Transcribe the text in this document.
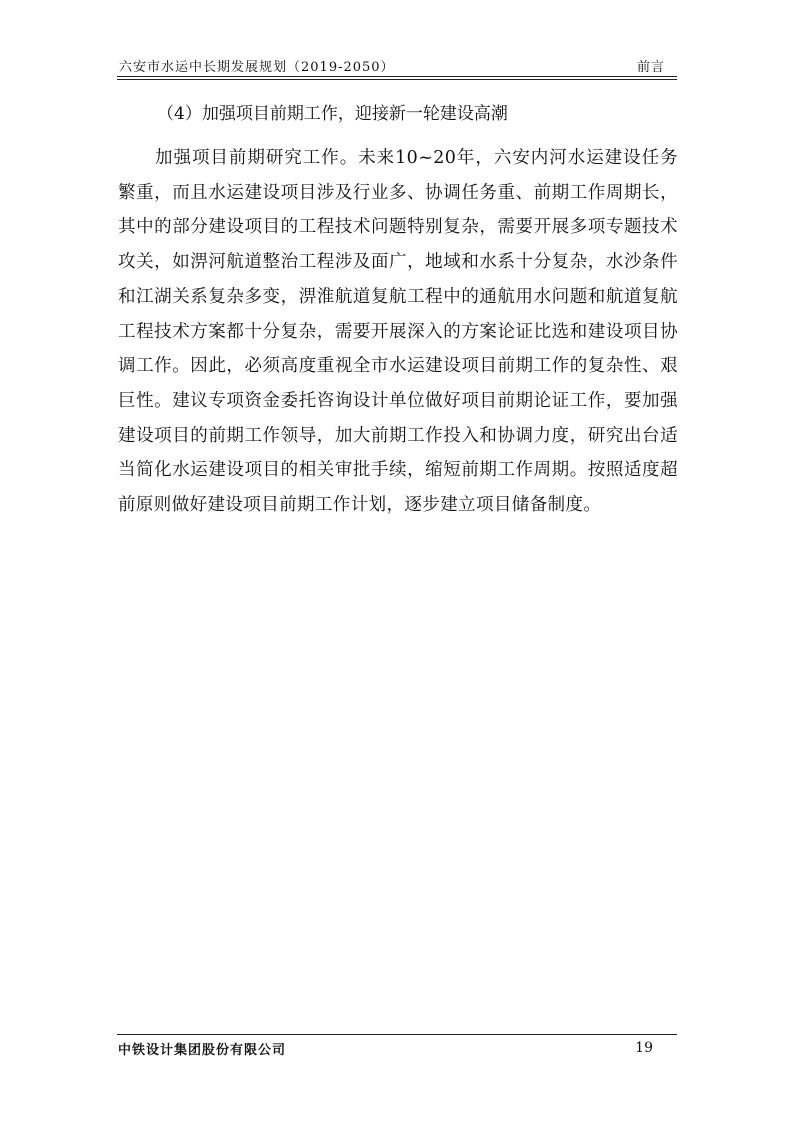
六安市水运中长期发展规划（2019-2050）	前言
（4）加强项目前期工作，迎接新一轮建设高潮
加强项目前期研究工作。未来10~20年，六安内河水运建设任务繁重，而且水运建设项目涉及行业多、协调任务重、前期工作周期长，其中的部分建设项目的工程技术问题特别复杂，需要开展多项专题技术攻关，如淠河航道整治工程涉及面广，地域和水系十分复杂，水沙条件和江湖关系复杂多变，淠淮航道复航工程中的通航用水问题和航道复航工程技术方案都十分复杂，需要开展深入的方案论证比选和建设项目协调工作。因此，必须高度重视全市水运建设项目前期工作的复杂性、艰巨性。建议专项资金委托咨询设计单位做好项目前期论证工作，要加强建设项目的前期工作领导，加大前期工作投入和协调力度，研究出台适当简化水运建设项目的相关审批手续，缩短前期工作周期。按照适度超前原则做好建设项目前期工作计划，逐步建立项目储备制度。
中铁设计集团股份有限公司	19
